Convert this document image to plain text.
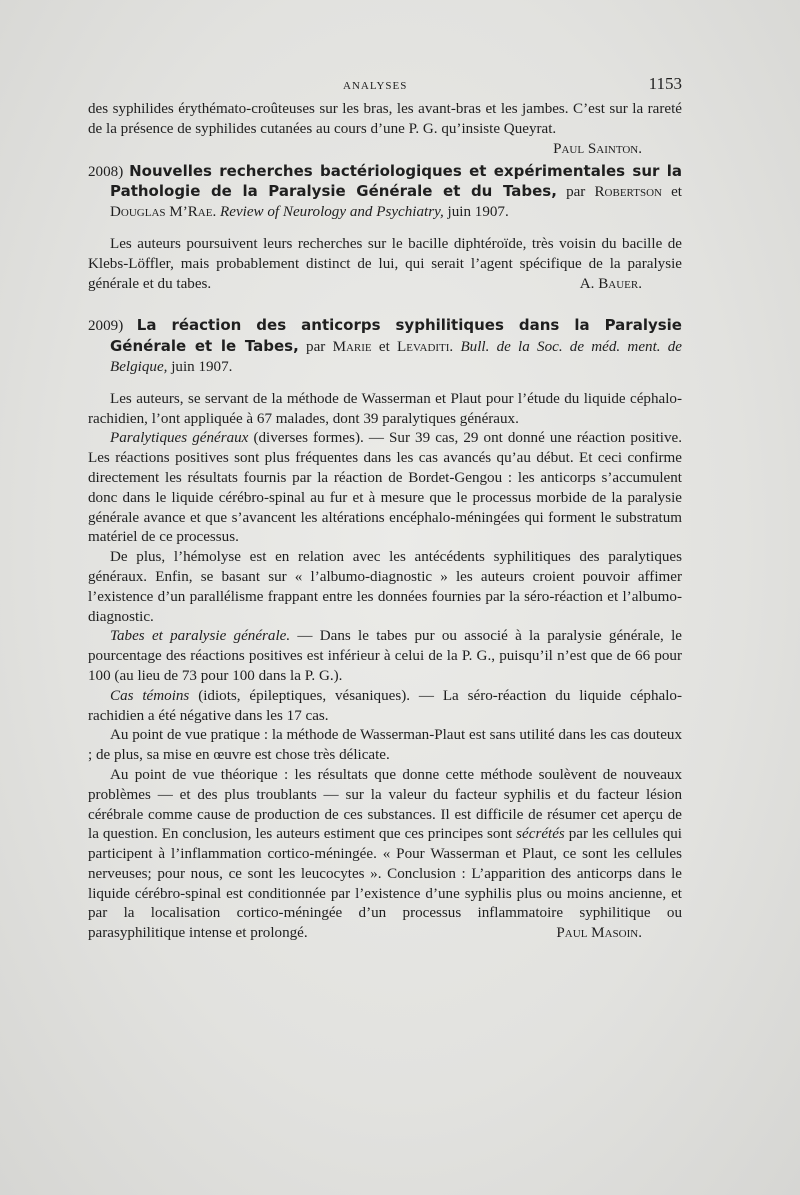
ANALYSES	1153

des syphilides érythémato-croûteuses sur les bras, les avant-bras et les jambes. C’est sur la rareté de la présence de syphilides cutanées au cours d’une P. G. qu’insiste Queyrat.
Paul Sainton.

2008) Nouvelles recherches bactériologiques et expérimentales sur la Pathologie de la Paralysie Générale et du Tabes, par Robertson et Douglas M’Rae. Review of Neurology and Psychiatry, juin 1907.

Les auteurs poursuivent leurs recherches sur le bacille diphtéroïde, très voisin du bacille de Klebs-Löffler, mais probablement distinct de lui, qui serait l’agent spécifique de la paralysie générale et du tabes.	A. Bauer.

2009) La réaction des anticorps syphilitiques dans la Paralysie Générale et le Tabes, par Marie et Levaditi. Bull. de la Soc. de méd. ment. de Belgique, juin 1907.

Les auteurs, se servant de la méthode de Wasserman et Plaut pour l’étude du liquide céphalo-rachidien, l’ont appliquée à 67 malades, dont 39 paralytiques généraux.

Paralytiques généraux (diverses formes). — Sur 39 cas, 29 ont donné une réaction positive. Les réactions positives sont plus fréquentes dans les cas avancés qu’au début. Et ceci confirme directement les résultats fournis par la réaction de Bordet-Gengou : les anticorps s’accumulent donc dans le liquide cérébro-spinal au fur et à mesure que le processus morbide de la paralysie générale avance et que s’avancent les altérations encéphalo-méningées qui forment le substratum matériel de ce processus.

De plus, l’hémolyse est en relation avec les antécédents syphilitiques des paralytiques généraux. Enfin, se basant sur « l’albumo-diagnostic » les auteurs croient pouvoir affimer l’existence d’un parallélisme frappant entre les données fournies par la séro-réaction et l’albumo-diagnostic.

Tabes et paralysie générale. — Dans le tabes pur ou associé à la paralysie générale, le pourcentage des réactions positives est inférieur à celui de la P. G., puisqu’il n’est que de 66 pour 100 (au lieu de 73 pour 100 dans la P. G.).

Cas témoins (idiots, épileptiques, vésaniques). — La séro-réaction du liquide céphalo-rachidien a été négative dans les 17 cas.

Au point de vue pratique : la méthode de Wasserman-Plaut est sans utilité dans les cas douteux ; de plus, sa mise en œuvre est chose très délicate.

Au point de vue théorique : les résultats que donne cette méthode soulèvent de nouveaux problèmes — et des plus troublants — sur la valeur du facteur syphilis et du facteur lésion cérébrale comme cause de production de ces substances. Il est difficile de résumer cet aperçu de la question. En conclusion, les auteurs estiment que ces principes sont sécrétés par les cellules qui participent à l’inflammation cortico-méningée. « Pour Wasserman et Plaut, ce sont les cellules nerveuses; pour nous, ce sont les leucocytes ». Conclusion : L’apparition des anticorps dans le liquide cérébro-spinal est conditionnée par l’existence d’une syphilis plus ou moins ancienne, et par la localisation cortico-méningée d’un processus inflammatoire syphilitique ou parasyphilitique intense et prolongé.	Paul Masoin.
